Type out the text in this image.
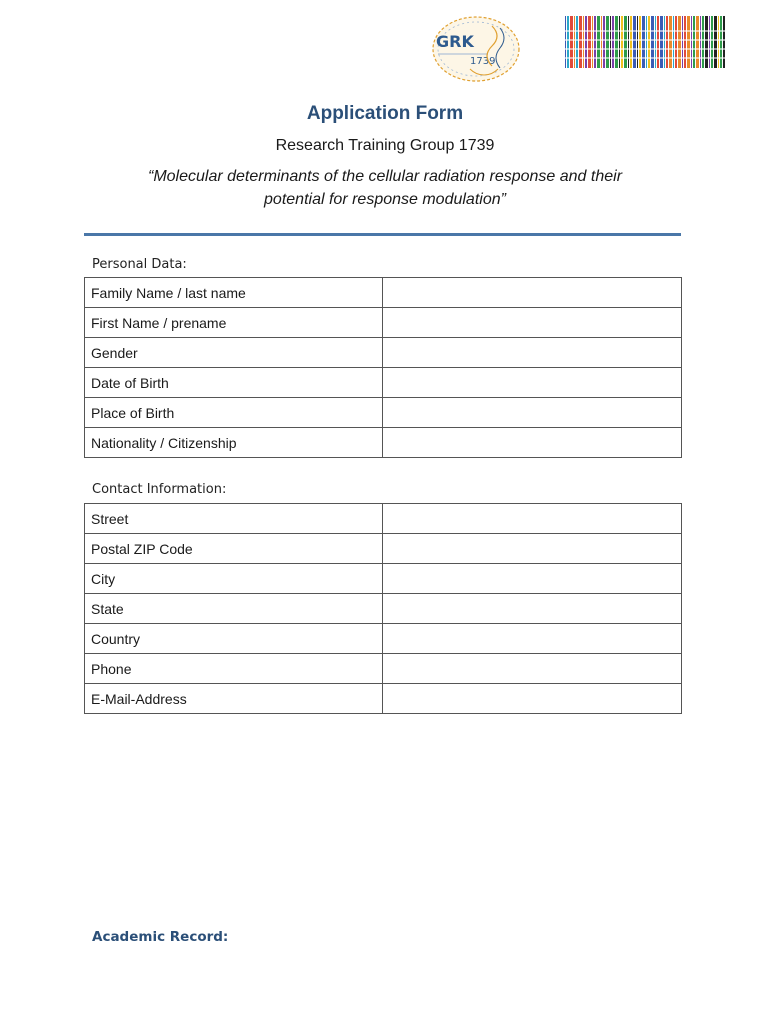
GRK
1739
Application Form
Research Training Group 1739
“Molecular determinants of the cellular radiation response and their
potential for response modulation”
Personal Data:
Family Name / last name	
First Name / prename	
Gender	
Date of Birth	
Place of Birth	
Nationality / Citizenship	
Contact Information:
Street	
Postal ZIP Code	
City	
State	
Country	
Phone	
E-Mail-Address	
Academic Record:
